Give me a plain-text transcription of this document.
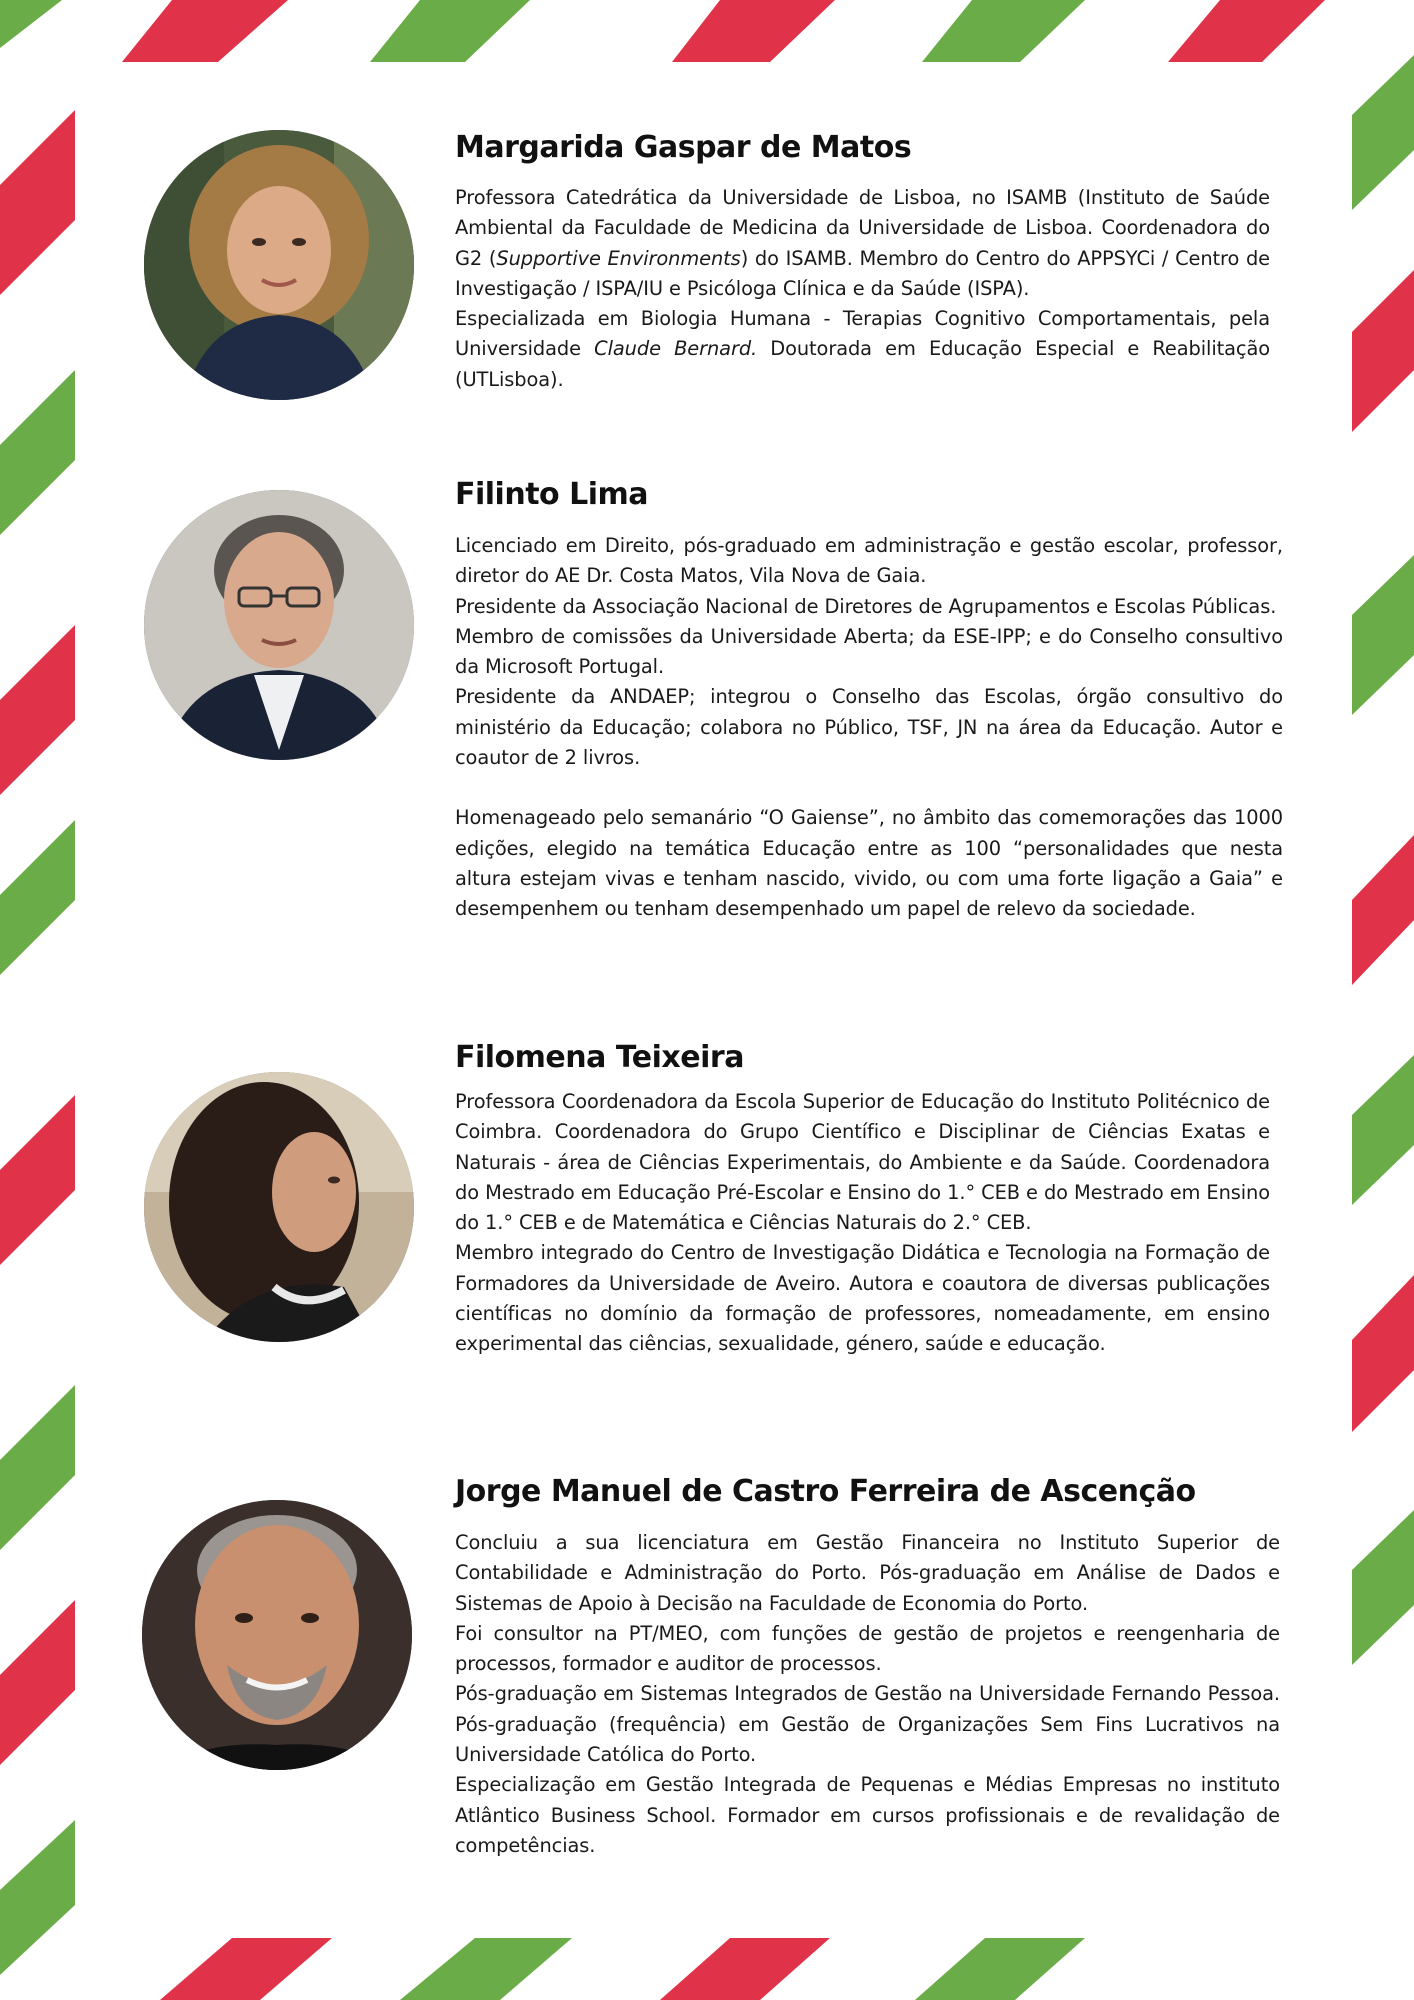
Margarida Gaspar de Matos

Professora Catedrática da Universidade de Lisboa, no ISAMB (Instituto de Saúde Ambiental da Faculdade de Medicina da Universidade de Lisboa. Coordenadora do G2 (Supportive Environments) do ISAMB. Membro do Centro do APPSYCi / Centro de Investigação / ISPA/IU e Psicóloga Clínica e da Saúde (ISPA).

Especializada em Biologia Humana - Terapias Cognitivo Comportamentais, pela Universidade Claude Bernard. Doutorada em Educação Especial e Reabilitação (UTLisboa).

Filinto Lima

Licenciado em Direito, pós-graduado em administração e gestão escolar, professor, diretor do AE Dr. Costa Matos, Vila Nova de Gaia.

Presidente da Associação Nacional de Diretores de Agrupamentos e Escolas Públicas.

Membro de comissões da Universidade Aberta; da ESE-IPP; e do Conselho consultivo da Microsoft Portugal.

Presidente da ANDAEP; integrou o Conselho das Escolas, órgão consultivo do ministério da Educação; colabora no Público, TSF, JN na área da Educação. Autor e coautor de 2 livros.

Homenageado pelo semanário “O Gaiense”, no âmbito das comemorações das 1000 edições, elegido na temática Educação entre as 100 “personalidades que nesta altura estejam vivas e tenham nascido, vivido, ou com uma forte ligação a Gaia” e desempenhem ou tenham desempenhado um papel de relevo da sociedade.

Filomena Teixeira

Professora Coordenadora da Escola Superior de Educação do Instituto Politécnico de Coimbra. Coordenadora do Grupo Científico e Disciplinar de Ciências Exatas e Naturais - área de Ciências Experimentais, do Ambiente e da Saúde. Coordenadora do Mestrado em Educação Pré-Escolar e Ensino do 1.° CEB e do Mestrado em Ensino do 1.° CEB e de Matemática e Ciências Naturais do 2.° CEB.

Membro integrado do Centro de Investigação Didática e Tecnologia na Formação de Formadores da Universidade de Aveiro. Autora e coautora de diversas publicações científicas no domínio da formação de professores, nomeadamente, em ensino experimental das ciências, sexualidade, género, saúde e educação.

Jorge Manuel de Castro Ferreira de Ascenção

Concluiu a sua licenciatura em Gestão Financeira no Instituto Superior de Contabilidade e Administração do Porto. Pós-graduação em Análise de Dados e Sistemas de Apoio à Decisão na Faculdade de Economia do Porto.

Foi consultor na PT/MEO, com funções de gestão de projetos e reengenharia de processos, formador e auditor de processos.

Pós-graduação em Sistemas Integrados de Gestão na Universidade Fernando Pessoa. Pós-graduação (frequência) em Gestão de Organizações Sem Fins Lucrativos na Universidade Católica do Porto.

Especialização em Gestão Integrada de Pequenas e Médias Empresas no instituto Atlântico Business School. Formador em cursos profissionais e de revalidação de competências.
